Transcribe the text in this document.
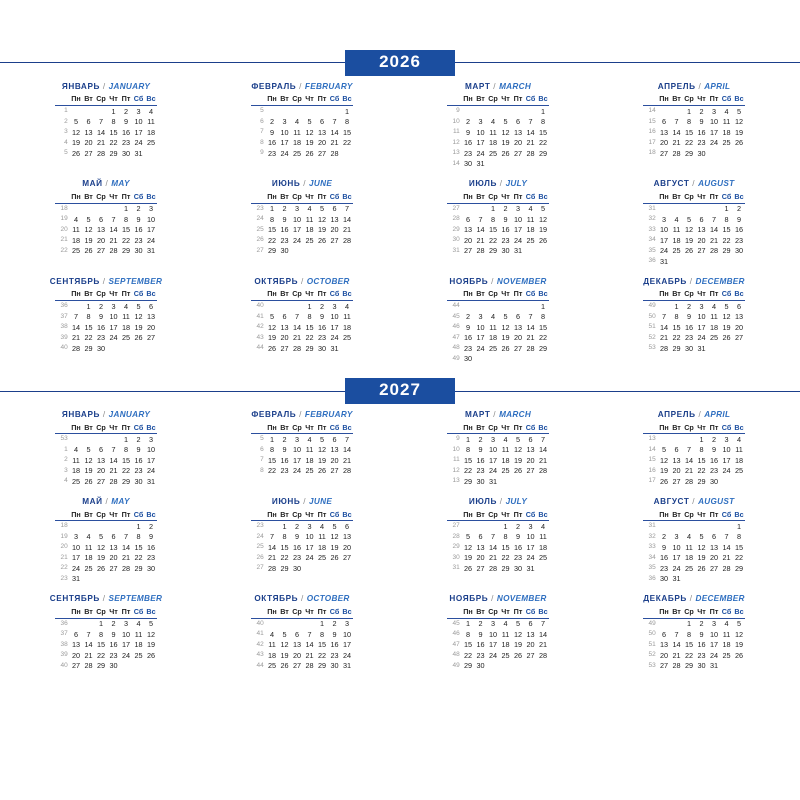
2026
ЯНВАРЬ / JANUARY
	Пн	Вт	Ср	Чт	Пт	Сб	Вс
1				1	2	3	4
2	5	6	7	8	9	10	11
3	12	13	14	15	16	17	18
4	19	20	21	22	23	24	25
5	26	27	28	29	30	31	
ФЕВРАЛЬ / FEBRUARY
	Пн	Вт	Ср	Чт	Пт	Сб	Вс
5							1
6	2	3	4	5	6	7	8
7	9	10	11	12	13	14	15
8	16	17	18	19	20	21	22
9	23	24	25	26	27	28	
МАРТ / MARCH
	Пн	Вт	Ср	Чт	Пт	Сб	Вс
9							1
10	2	3	4	5	6	7	8
11	9	10	11	12	13	14	15
12	16	17	18	19	20	21	22
13	23	24	25	26	27	28	29
14	30	31					
АПРЕЛЬ / APRIL
	Пн	Вт	Ср	Чт	Пт	Сб	Вс
14			1	2	3	4	5
15	6	7	8	9	10	11	12
16	13	14	15	16	17	18	19
17	20	21	22	23	24	25	26
18	27	28	29	30			
МАЙ / MAY
	Пн	Вт	Ср	Чт	Пт	Сб	Вс
18					1	2	3
19	4	5	6	7	8	9	10
20	11	12	13	14	15	16	17
21	18	19	20	21	22	23	24
22	25	26	27	28	29	30	31
ИЮНЬ / JUNE
	Пн	Вт	Ср	Чт	Пт	Сб	Вс
23	1	2	3	4	5	6	7
24	8	9	10	11	12	13	14
25	15	16	17	18	19	20	21
26	22	23	24	25	26	27	28
27	29	30					
ИЮЛЬ / JULY
	Пн	Вт	Ср	Чт	Пт	Сб	Вс
27			1	2	3	4	5
28	6	7	8	9	10	11	12
29	13	14	15	16	17	18	19
30	20	21	22	23	24	25	26
31	27	28	29	30	31		
АВГУСТ / AUGUST
	Пн	Вт	Ср	Чт	Пт	Сб	Вс
31						1	2
32	3	4	5	6	7	8	9
33	10	11	12	13	14	15	16
34	17	18	19	20	21	22	23
35	24	25	26	27	28	29	30
36	31						
СЕНТЯБРЬ / SEPTEMBER
	Пн	Вт	Ср	Чт	Пт	Сб	Вс
36		1	2	3	4	5	6
37	7	8	9	10	11	12	13
38	14	15	16	17	18	19	20
39	21	22	23	24	25	26	27
40	28	29	30				
ОКТЯБРЬ / OCTOBER
	Пн	Вт	Ср	Чт	Пт	Сб	Вс
40				1	2	3	4
41	5	6	7	8	9	10	11
42	12	13	14	15	16	17	18
43	19	20	21	22	23	24	25
44	26	27	28	29	30	31	
НОЯБРЬ / NOVEMBER
	Пн	Вт	Ср	Чт	Пт	Сб	Вс
44							1
45	2	3	4	5	6	7	8
46	9	10	11	12	13	14	15
47	16	17	18	19	20	21	22
48	23	24	25	26	27	28	29
49	30						
ДЕКАБРЬ / DECEMBER
	Пн	Вт	Ср	Чт	Пт	Сб	Вс
49		1	2	3	4	5	6
50	7	8	9	10	11	12	13
51	14	15	16	17	18	19	20
52	21	22	23	24	25	26	27
53	28	29	30	31			
2027
ЯНВАРЬ / JANUARY
	Пн	Вт	Ср	Чт	Пт	Сб	Вс
53					1	2	3
1	4	5	6	7	8	9	10
2	11	12	13	14	15	16	17
3	18	19	20	21	22	23	24
4	25	26	27	28	29	30	31
ФЕВРАЛЬ / FEBRUARY
	Пн	Вт	Ср	Чт	Пт	Сб	Вс
5	1	2	3	4	5	6	7
6	8	9	10	11	12	13	14
7	15	16	17	18	19	20	21
8	22	23	24	25	26	27	28
МАРТ / MARCH
	Пн	Вт	Ср	Чт	Пт	Сб	Вс
9	1	2	3	4	5	6	7
10	8	9	10	11	12	13	14
11	15	16	17	18	19	20	21
12	22	23	24	25	26	27	28
13	29	30	31				
АПРЕЛЬ / APRIL
	Пн	Вт	Ср	Чт	Пт	Сб	Вс
13				1	2	3	4
14	5	6	7	8	9	10	11
15	12	13	14	15	16	17	18
16	19	20	21	22	23	24	25
17	26	27	28	29	30		
МАЙ / MAY
	Пн	Вт	Ср	Чт	Пт	Сб	Вс
18						1	2
19	3	4	5	6	7	8	9
20	10	11	12	13	14	15	16
21	17	18	19	20	21	22	23
22	24	25	26	27	28	29	30
23	31						
ИЮНЬ / JUNE
	Пн	Вт	Ср	Чт	Пт	Сб	Вс
23		1	2	3	4	5	6
24	7	8	9	10	11	12	13
25	14	15	16	17	18	19	20
26	21	22	23	24	25	26	27
27	28	29	30				
ИЮЛЬ / JULY
	Пн	Вт	Ср	Чт	Пт	Сб	Вс
27				1	2	3	4
28	5	6	7	8	9	10	11
29	12	13	14	15	16	17	18
30	19	20	21	22	23	24	25
31	26	27	28	29	30	31	
АВГУСТ / AUGUST
	Пн	Вт	Ср	Чт	Пт	Сб	Вс
31							1
32	2	3	4	5	6	7	8
33	9	10	11	12	13	14	15
34	16	17	18	19	20	21	22
35	23	24	25	26	27	28	29
36	30	31					
СЕНТЯБРЬ / SEPTEMBER
	Пн	Вт	Ср	Чт	Пт	Сб	Вс
36			1	2	3	4	5
37	6	7	8	9	10	11	12
38	13	14	15	16	17	18	19
39	20	21	22	23	24	25	26
40	27	28	29	30			
ОКТЯБРЬ / OCTOBER
	Пн	Вт	Ср	Чт	Пт	Сб	Вс
40					1	2	3
41	4	5	6	7	8	9	10
42	11	12	13	14	15	16	17
43	18	19	20	21	22	23	24
44	25	26	27	28	29	30	31
НОЯБРЬ / NOVEMBER
	Пн	Вт	Ср	Чт	Пт	Сб	Вс
45	1	2	3	4	5	6	7
46	8	9	10	11	12	13	14
47	15	16	17	18	19	20	21
48	22	23	24	25	26	27	28
49	29	30					
ДЕКАБРЬ / DECEMBER
	Пн	Вт	Ср	Чт	Пт	Сб	Вс
49			1	2	3	4	5
50	6	7	8	9	10	11	12
51	13	14	15	16	17	18	19
52	20	21	22	23	24	25	26
53	27	28	29	30	31		
